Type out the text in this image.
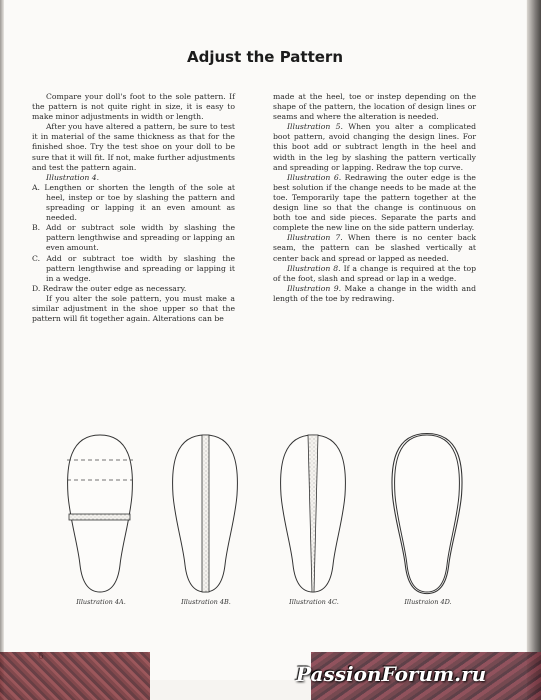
Adjust the Pattern

Compare your doll's foot to the sole pattern. If the pattern is not quite right in size, it is easy to make minor adjustments in width or length.

After you have altered a pattern, be sure to test it in material of the same thickness as that for the finished shoe. Try the test shoe on your doll to be sure that it will fit. If not, make further adjustments and test the pattern again.

Illustration 4.

A. Lengthen or shorten the length of the sole at heel, instep or toe by slashing the pattern and spreading or lapping it an even amount as needed.

B. Add or subtract sole width by slashing the pattern lengthwise and spreading or lapping an even amount.

C. Add or subtract toe width by slashing the pattern lengthwise and spreading or lapping it in a wedge.

D. Redraw the outer edge as necessary.

If you alter the sole pattern, you must make a similar adjustment in the shoe upper so that the pattern will fit together again. Alterations can be

made at the heel, toe or instep depending on the shape of the pattern, the location of design lines or seams and where the alteration is needed.

Illustration 5. When you alter a complicated boot pattern, avoid changing the design lines. For this boot add or subtract length in the heel and width in the leg by slashing the pattern vertically and spreading or lapping. Redraw the top curve.

Illustration 6. Redrawing the outer edge is the best solution if the change needs to be made at the toe. Temporarily tape the pattern together at the design line so that the change is continuous on both toe and side pieces. Separate the parts and complete the new line on the side pattern underlay.

Illustration 7. When there is no center back seam, the pattern can be slashed vertically at center back and spread or lapped as needed.

Illustration 8. If a change is required at the top of the foot, slash and spread or lap in a wedge.

Illustration 9. Make a change in the width and length of the toe by redrawing.

Illustration 4A.	Illustration 4B.	Illustration 4C.	Illustraion 4D.
PassionForum.ru
